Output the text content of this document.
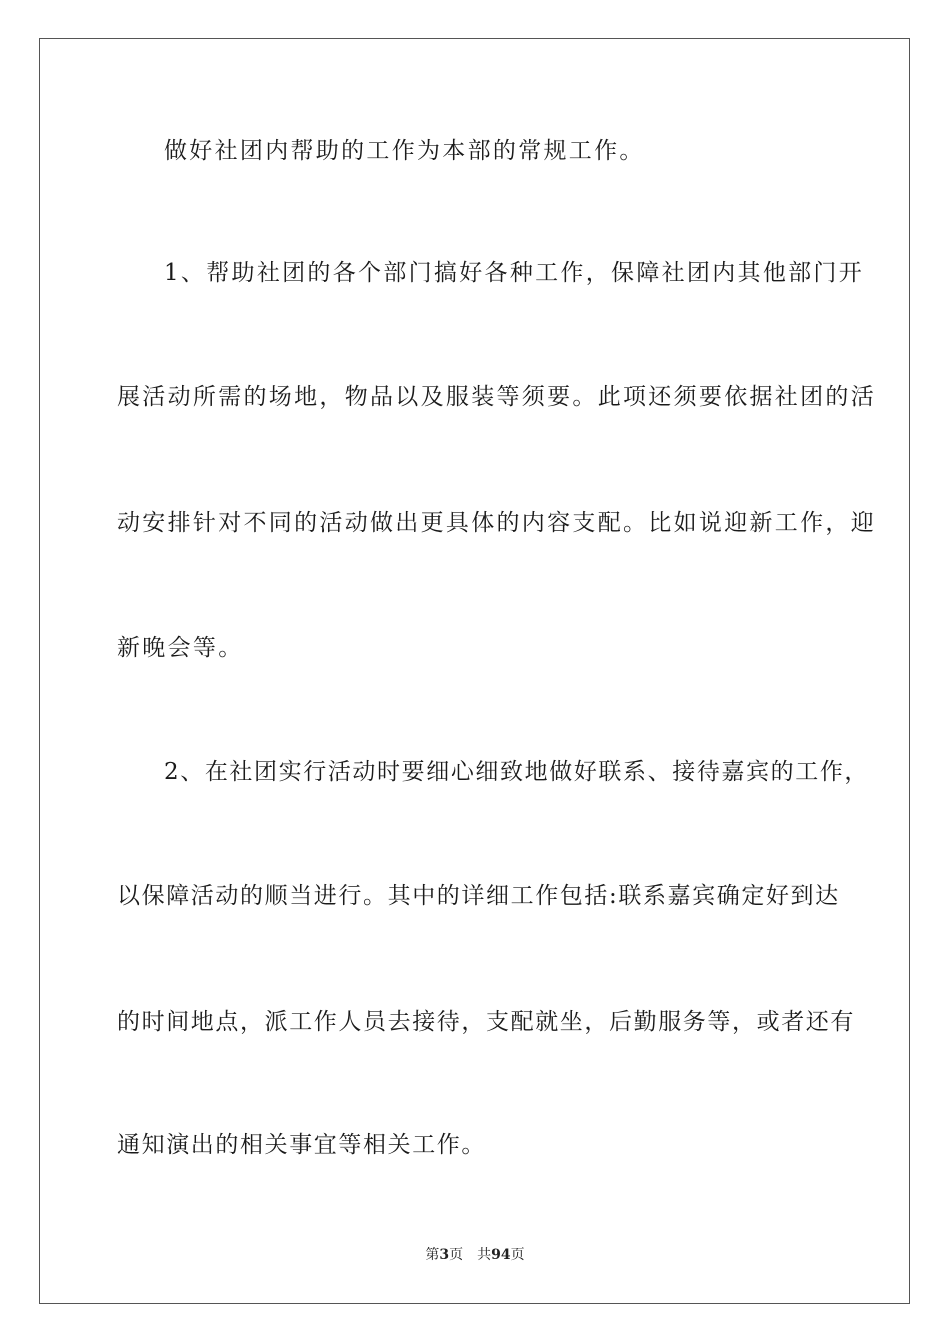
做好社团内帮助的工作为本部的常规工作。
1、帮助社团的各个部门搞好各种工作，保障社团内其他部门开
展活动所需的场地，物品以及服装等须要。此项还须要依据社团的活
动安排针对不同的活动做出更具体的内容支配。比如说迎新工作，迎
新晚会等。
2、在社团实行活动时要细心细致地做好联系、接待嘉宾的工作，
以保障活动的顺当进行。其中的详细工作包括:联系嘉宾确定好到达
的时间地点，派工作人员去接待，支配就坐，后勤服务等，或者还有
通知演出的相关事宜等相关工作。
第3页 共94页
